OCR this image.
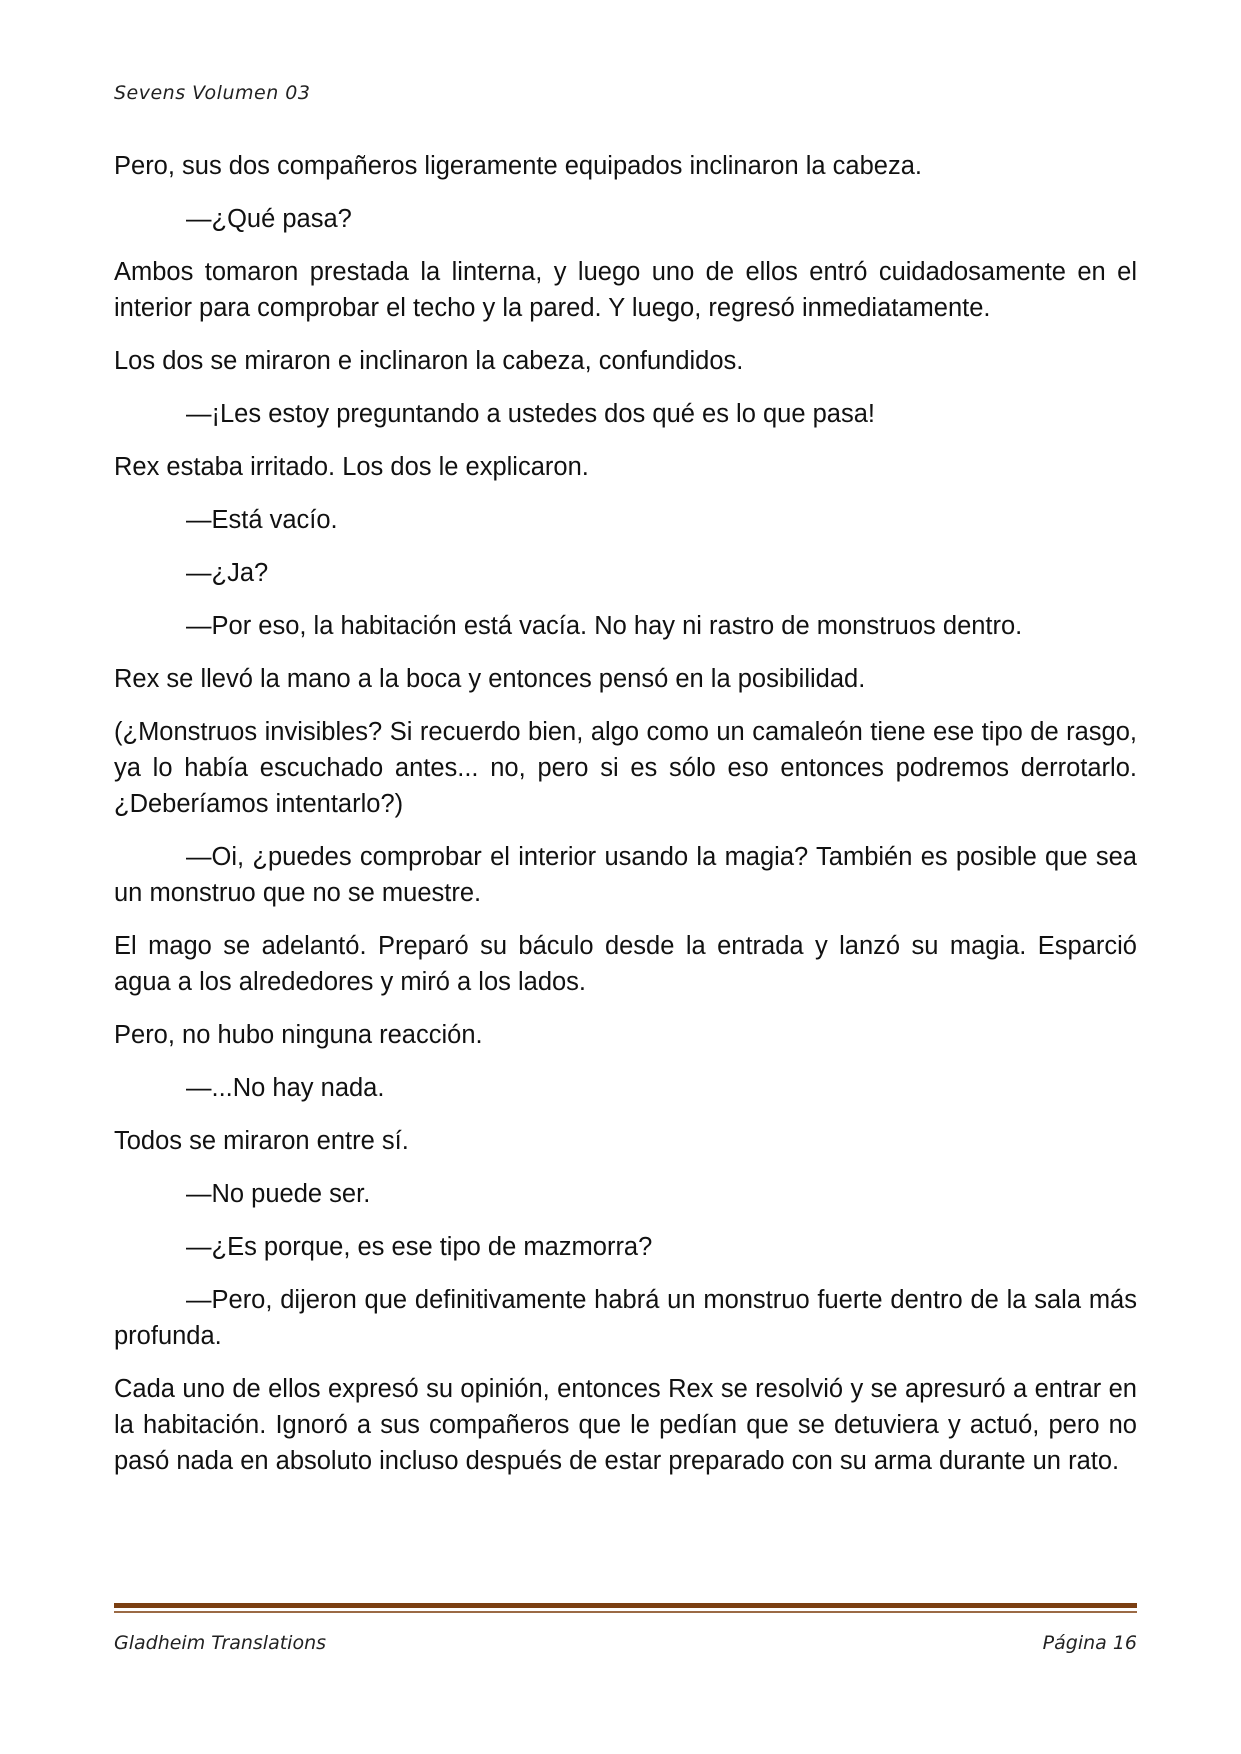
Sevens Volumen 03

Pero, sus dos compañeros ligeramente equipados inclinaron la cabeza.

—¿Qué pasa?

Ambos tomaron prestada la linterna, y luego uno de ellos entró cuidadosamente en el interior para comprobar el techo y la pared. Y luego, regresó inmediatamente.

Los dos se miraron e inclinaron la cabeza, confundidos.

—¡Les estoy preguntando a ustedes dos qué es lo que pasa!

Rex estaba irritado. Los dos le explicaron.

—Está vacío.

—¿Ja?

—Por eso, la habitación está vacía. No hay ni rastro de monstruos dentro.

Rex se llevó la mano a la boca y entonces pensó en la posibilidad.

(¿Monstruos invisibles? Si recuerdo bien, algo como un camaleón tiene ese tipo de rasgo, ya lo había escuchado antes... no, pero si es sólo eso entonces podremos derrotarlo. ¿Deberíamos intentarlo?)

—Oi, ¿puedes comprobar el interior usando la magia? También es posible que sea un monstruo que no se muestre.

El mago se adelantó. Preparó su báculo desde la entrada y lanzó su magia. Esparció agua a los alrededores y miró a los lados.

Pero, no hubo ninguna reacción.

—...No hay nada.

Todos se miraron entre sí.

—No puede ser.

—¿Es porque, es ese tipo de mazmorra?

—Pero, dijeron que definitivamente habrá un monstruo fuerte dentro de la sala más profunda.

Cada uno de ellos expresó su opinión, entonces Rex se resolvió y se apresuró a entrar en la habitación. Ignoró a sus compañeros que le pedían que se detuviera y actuó, pero no pasó nada en absoluto incluso después de estar preparado con su arma durante un rato.

Gladheim Translations	Página 16
